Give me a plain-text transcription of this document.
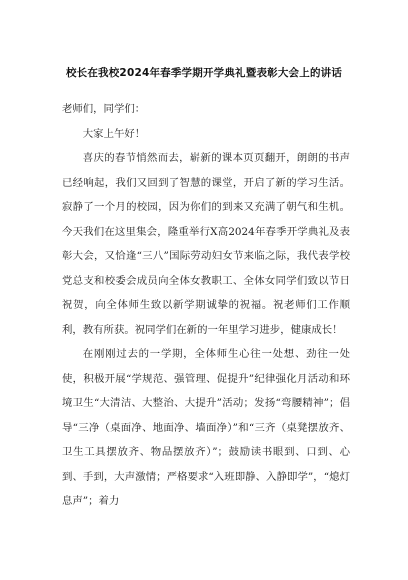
校长在我校2024年春季学期开学典礼暨表彰大会上的讲话

老师们，同学们：

大家上午好！

喜庆的春节悄然而去，崭新的课本页页翻开，朗朗的书声已经响起，我们又回到了智慧的课堂，开启了新的学习生活。寂静了一个月的校园，因为你们的到来又充满了朝气和生机。今天我们在这里集会，隆重举行X高2024年春季开学典礼及表彰大会，又恰逢“三八”国际劳动妇女节来临之际，我代表学校党总支和校委会成员向全体女教职工、全体女同学们致以节日祝贺，向全体师生致以新学期诚挚的祝福。祝老师们工作顺利，教有所获。祝同学们在新的一年里学习进步，健康成长！

在刚刚过去的一学期，全体师生心往一处想、劲往一处使，积极开展“学规范、强管理、促提升”纪律强化月活动和环境卫生“大清洁、大整治、大提升”活动；发扬“弯腰精神”；倡导“三净（桌面净、地面净、墙面净）”和“三齐（桌凳摆放齐、卫生工具摆放齐、物品摆放齐）”；鼓励读书眼到、口到、心到、手到，大声激情；严格要求“入班即静、入静即学”，“熄灯息声”；着力
